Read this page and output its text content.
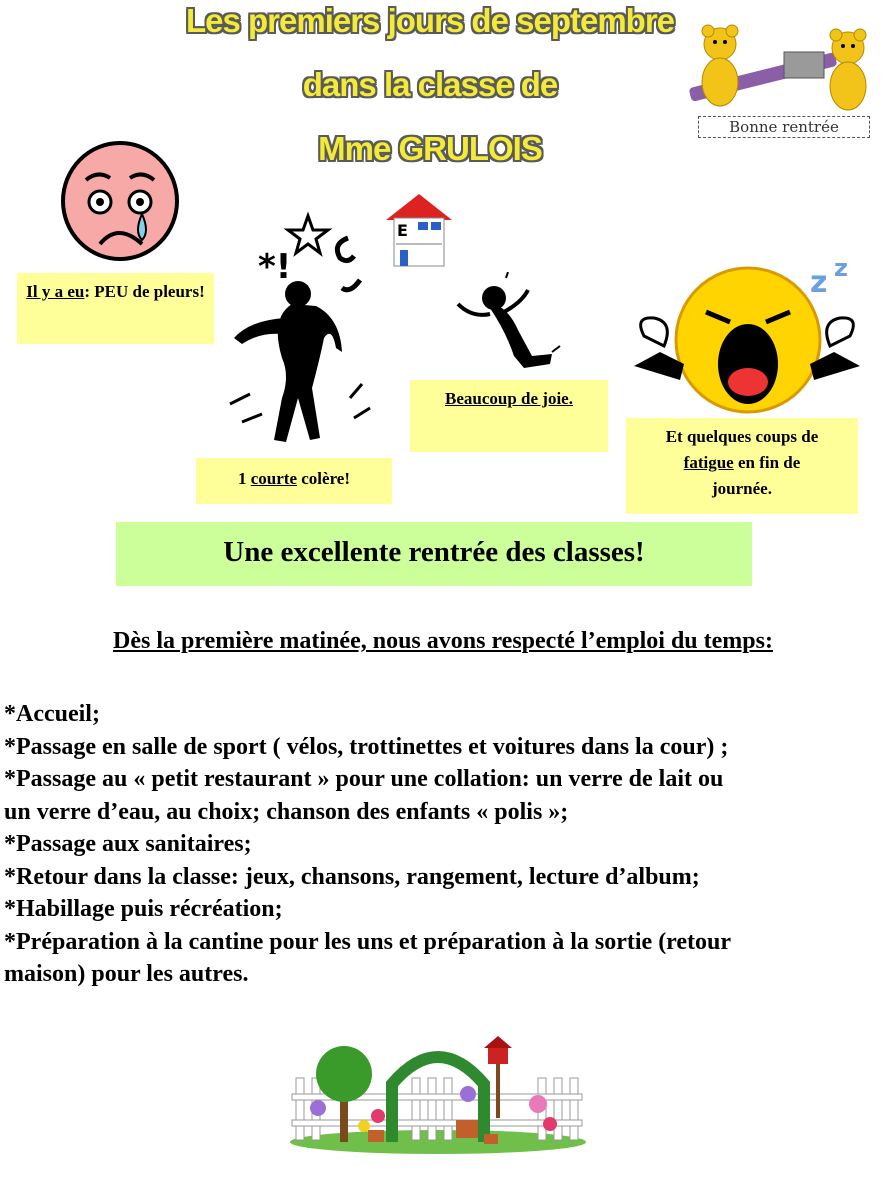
Les premiers jours de septembre
dans la classe de
Mme GRULOIS
Bonne rentrée
Il y a eu: PEU de pleurs!
*!
1 courte colère!
E
Beaucoup de joie.
z z
Et quelques coups de
fatigue en fin de
journée.
Une excellente rentrée des classes!
Dès la première matinée, nous avons respecté l’emploi du temps:
*Accueil;
*Passage en salle de sport ( vélos, trottinettes et voitures dans la cour) ;
*Passage au « petit restaurant » pour une collation: un verre de lait ou
un verre d’eau, au choix; chanson des enfants « polis »;
*Passage aux sanitaires;
*Retour dans la classe: jeux, chansons, rangement, lecture d’album;
*Habillage puis récréation;
*Préparation à la cantine pour les uns et préparation à la sortie (retour
maison) pour les autres.
